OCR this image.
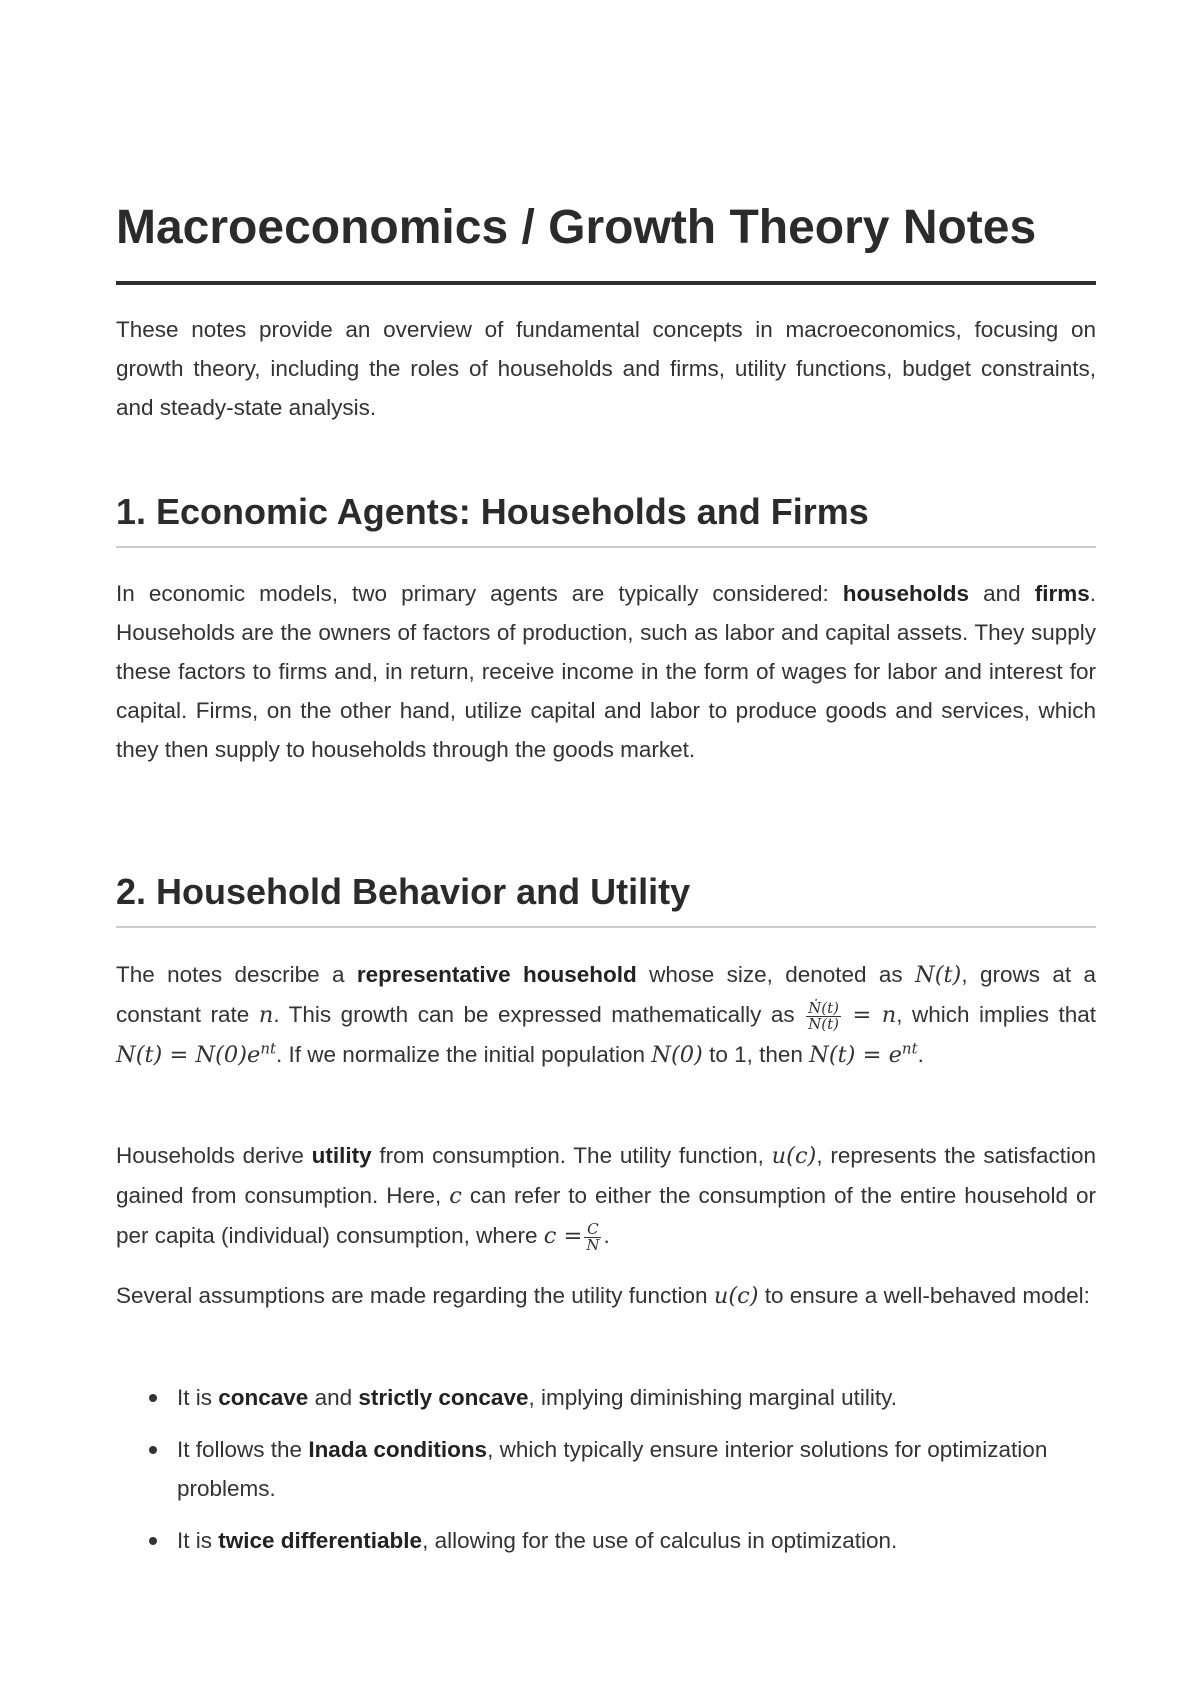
Macroeconomics / Growth Theory Notes

These notes provide an overview of fundamental concepts in macroeconomics, focusing on growth theory, including the roles of households and firms, utility functions, budget constraints, and steady-state analysis.

1. Economic Agents: Households and Firms

In economic models, two primary agents are typically considered: households and firms. Households are the owners of factors of production, such as labor and capital assets. They supply these factors to firms and, in return, receive income in the form of wages for labor and interest for capital. Firms, on the other hand, utilize capital and labor to produce goods and services, which they then supply to households through the goods market.

2. Household Behavior and Utility

The notes describe a representative household whose size, denoted as N(t), grows at a constant rate n. This growth can be expressed mathematically as $\frac{\text{Ṅ(t)}}{N(t)} = n$, which implies that $N(t) = N(0)e^{nt}$. If we normalize the initial population N(0) to 1, then $N(t) = e^{nt}$.

Households derive utility from consumption. The utility function, u(c), represents the satisfaction gained from consumption. Here, c can refer to either the consumption of the entire household or per capita (individual) consumption, where $c = \frac{C}{N}$ .

Several assumptions are made regarding the utility function u(c) to ensure a well-behaved model:

It is concave and strictly concave, implying diminishing marginal utility.
It follows the Inada conditions, which typically ensure interior solutions for optimization problems.
It is twice differentiable, allowing for the use of calculus in optimization.
